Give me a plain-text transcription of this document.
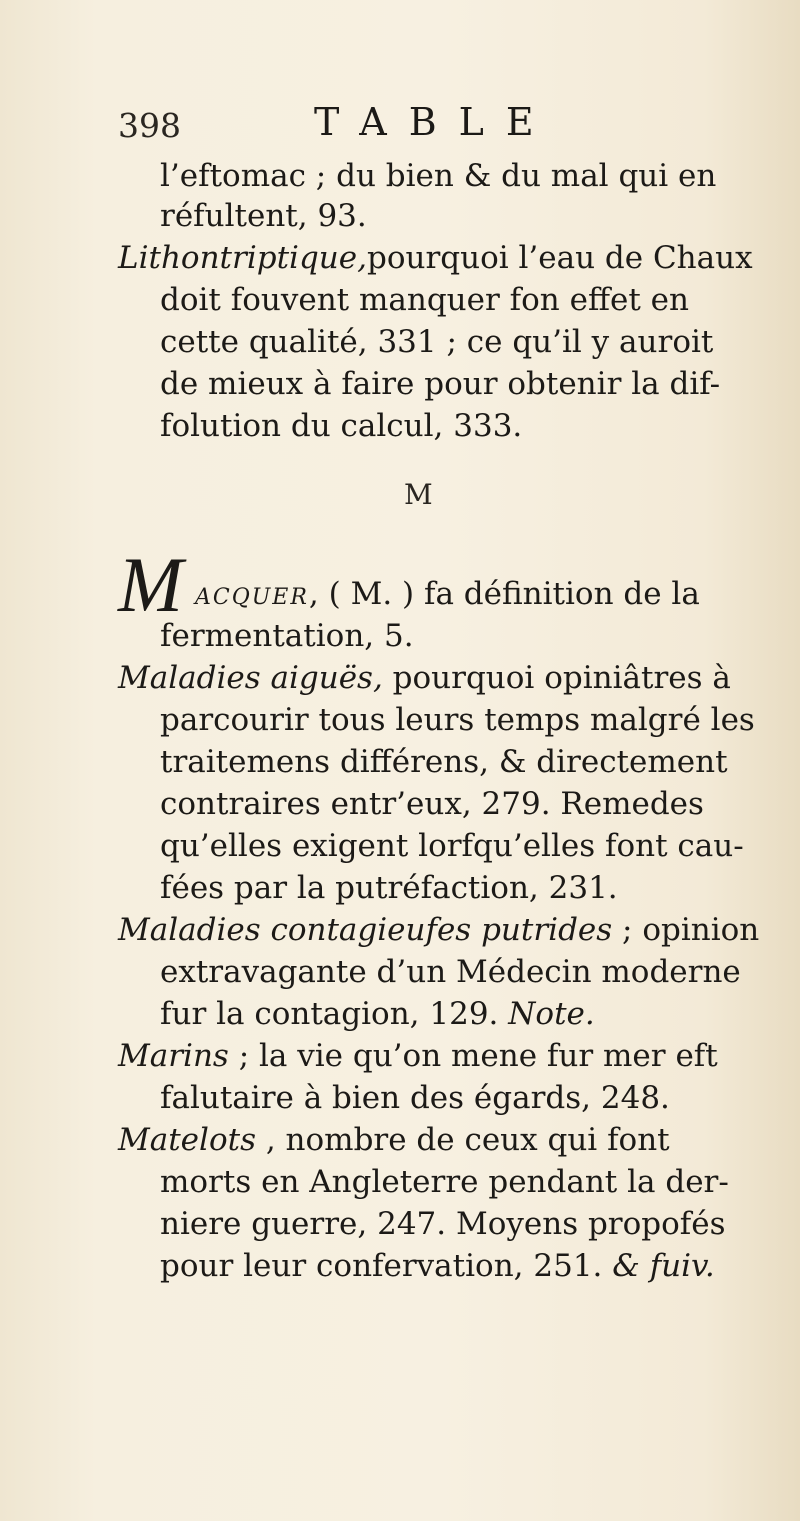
398	TABLE
l’eftomac ; du bien & du mal qui en
réfultent, 93.
Lithontriptique,pourquoi l’eau de Chaux
doit fouvent manquer fon effet en
cette qualité, 331 ; ce qu’il y auroit
de mieux à faire pour obtenir la dif-
folution du calcul, 333.
M
M ACQUER, ( M. ) fa définition de la
fermentation, 5.
Maladies aiguës, pourquoi opiniâtres à
parcourir tous leurs temps malgré les
traitemens différens, & directement
contraires entr’eux, 279. Remedes
qu’elles exigent lorfqu’elles font cau-
fées par la putréfaction, 231.
Maladies contagieufes putrides ; opinion
extravagante d’un Médecin moderne
fur la contagion, 129. Note.
Marins ; la vie qu’on mene fur mer eft
falutaire à bien des égards, 248.
Matelots , nombre de ceux qui font
morts en Angleterre pendant la der-
niere guerre, 247. Moyens propofés
pour leur confervation, 251. & fuiv.
